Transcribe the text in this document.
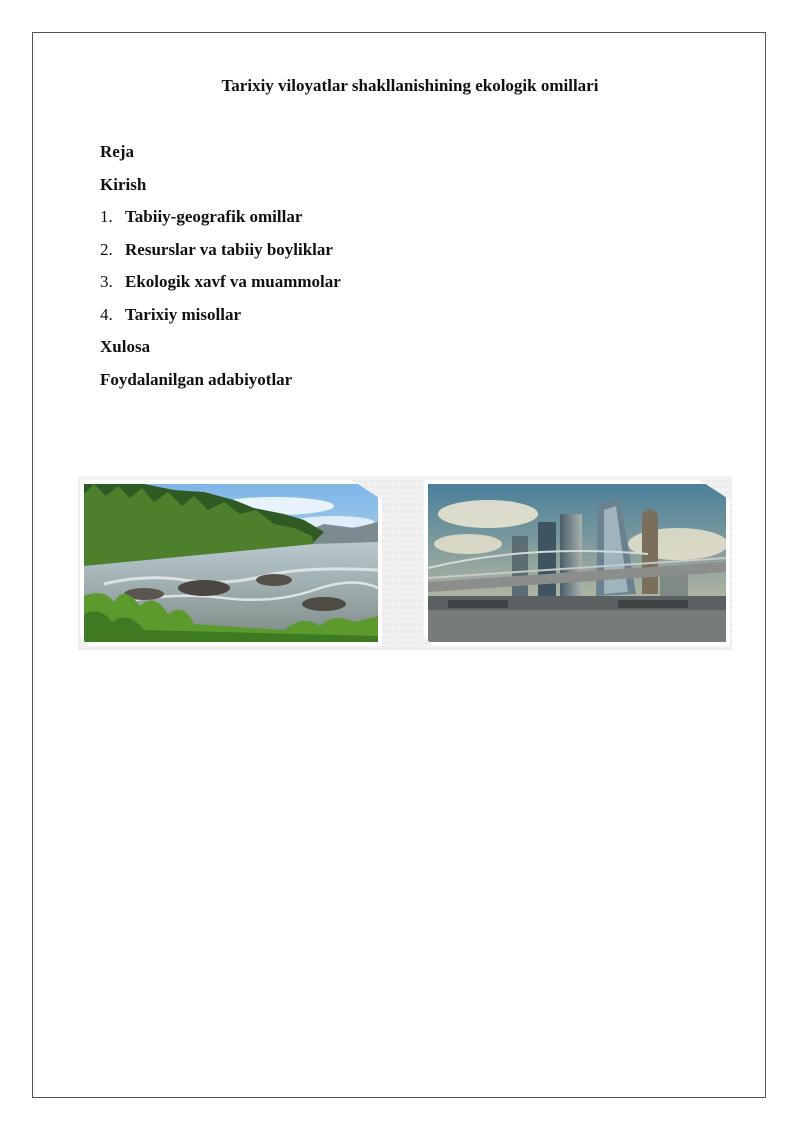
Tarixiy viloyatlar shakllanishining ekologik omillari
Reja
Kirish
1. Tabiiy-geografik omillar
2. Resurslar va tabiiy boyliklar
3. Ekologik xavf va muammolar
4. Tarixiy misollar
Xulosa
Foydalanilgan adabiyotlar
